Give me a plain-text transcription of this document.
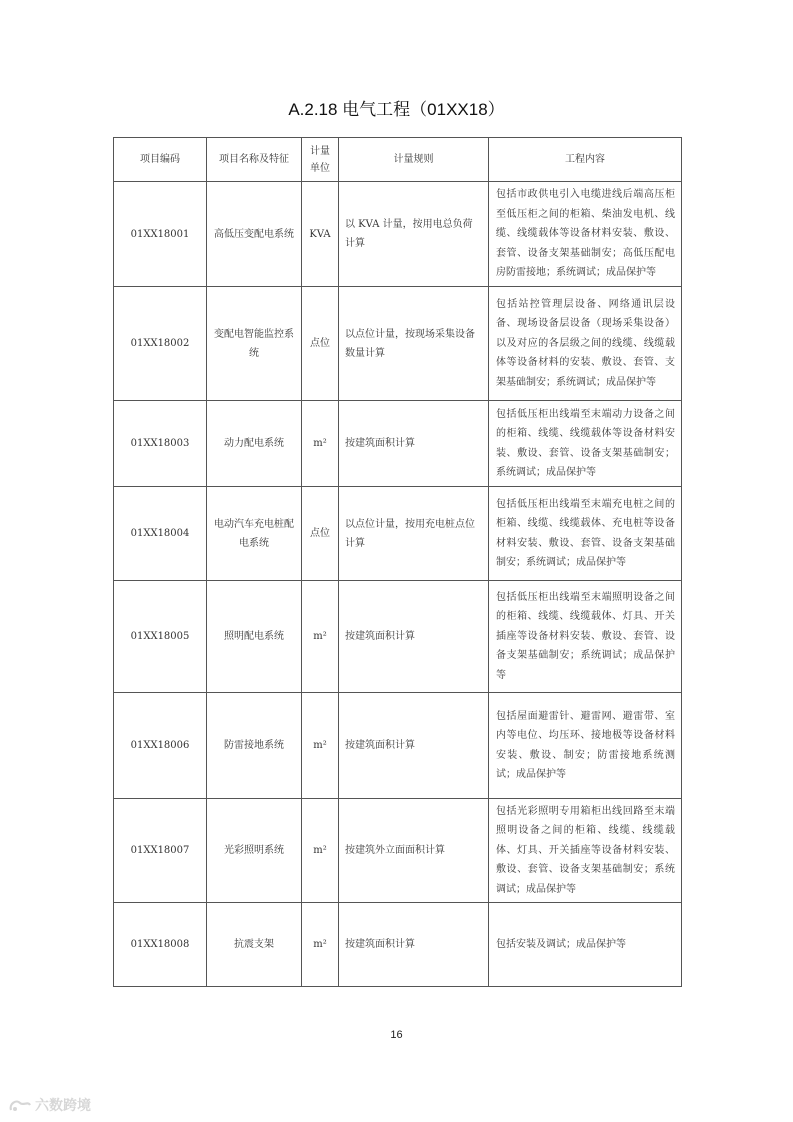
A.2.18 电气工程（01XX18）
项目编码	项目名称及特征	计量单位	计量规则	工程内容
01XX18001	高低压变配电系统	KVA	以 KVA 计量，按用电总负荷计算	包括市政供电引入电缆进线后端高压柜至低压柜之间的柜箱、柴油发电机、线缆、线缆载体等设备材料安装、敷设、套管、设备支架基础制安；高低压配电房防雷接地；系统调试；成品保护等
01XX18002	变配电智能监控系统	点位	以点位计量，按现场采集设备数量计算	包括站控管理层设备、网络通讯层设备、现场设备层设备（现场采集设备）以及对应的各层级之间的线缆、线缆载体等设备材料的安装、敷设、套管、支架基础制安；系统调试；成品保护等
01XX18003	动力配电系统	m²	按建筑面积计算	包括低压柜出线端至末端动力设备之间的柜箱、线缆、线缆载体等设备材料安装、敷设、套管、设备支架基础制安；系统调试；成品保护等
01XX18004	电动汽车充电桩配电系统	点位	以点位计量，按用充电桩点位计算	包括低压柜出线端至末端充电桩之间的柜箱、线缆、线缆载体、充电桩等设备材料安装、敷设、套管、设备支架基础制安；系统调试；成品保护等
01XX18005	照明配电系统	m²	按建筑面积计算	包括低压柜出线端至末端照明设备之间的柜箱、线缆、线缆载体、灯具、开关插座等设备材料安装、敷设、套管、设备支架基础制安；系统调试；成品保护等
01XX18006	防雷接地系统	m²	按建筑面积计算	包括屋面避雷针、避雷网、避雷带、室内等电位、均压环、接地极等设备材料安装、敷设、制安；防雷接地系统测试；成品保护等
01XX18007	光彩照明系统	m²	按建筑外立面面积计算	包括光彩照明专用箱柜出线回路至末端照明设备之间的柜箱、线缆、线缆载体、灯具、开关插座等设备材料安装、敷设、套管、设备支架基础制安；系统调试；成品保护等
01XX18008	抗震支架	m²	按建筑面积计算	包括安装及调试；成品保护等
16
六数跨境
